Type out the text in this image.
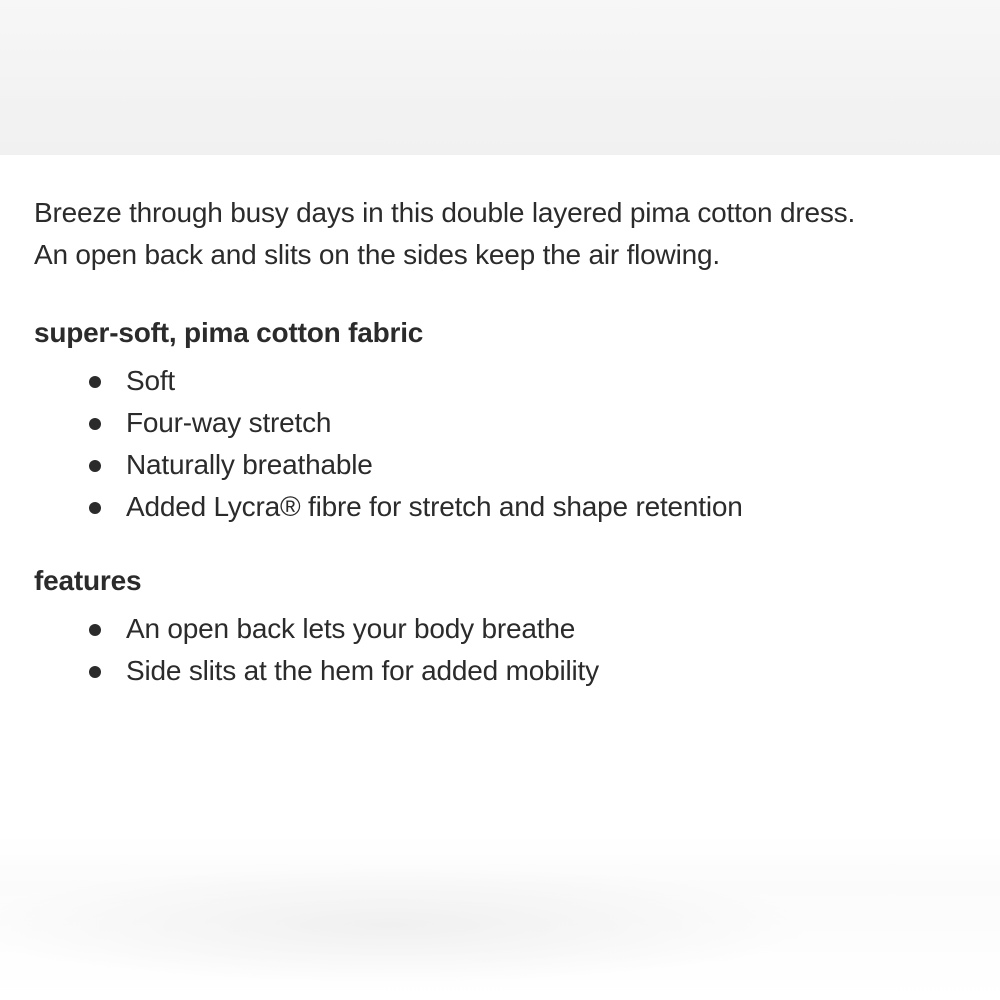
Breeze through busy days in this double layered pima cotton dress.
An open back and slits on the sides keep the air flowing.

super-soft, pima cotton fabric
Soft
Four-way stretch
Naturally breathable
Added Lycra® fibre for stretch and shape retention
features
An open back lets your body breathe
Side slits at the hem for added mobility
